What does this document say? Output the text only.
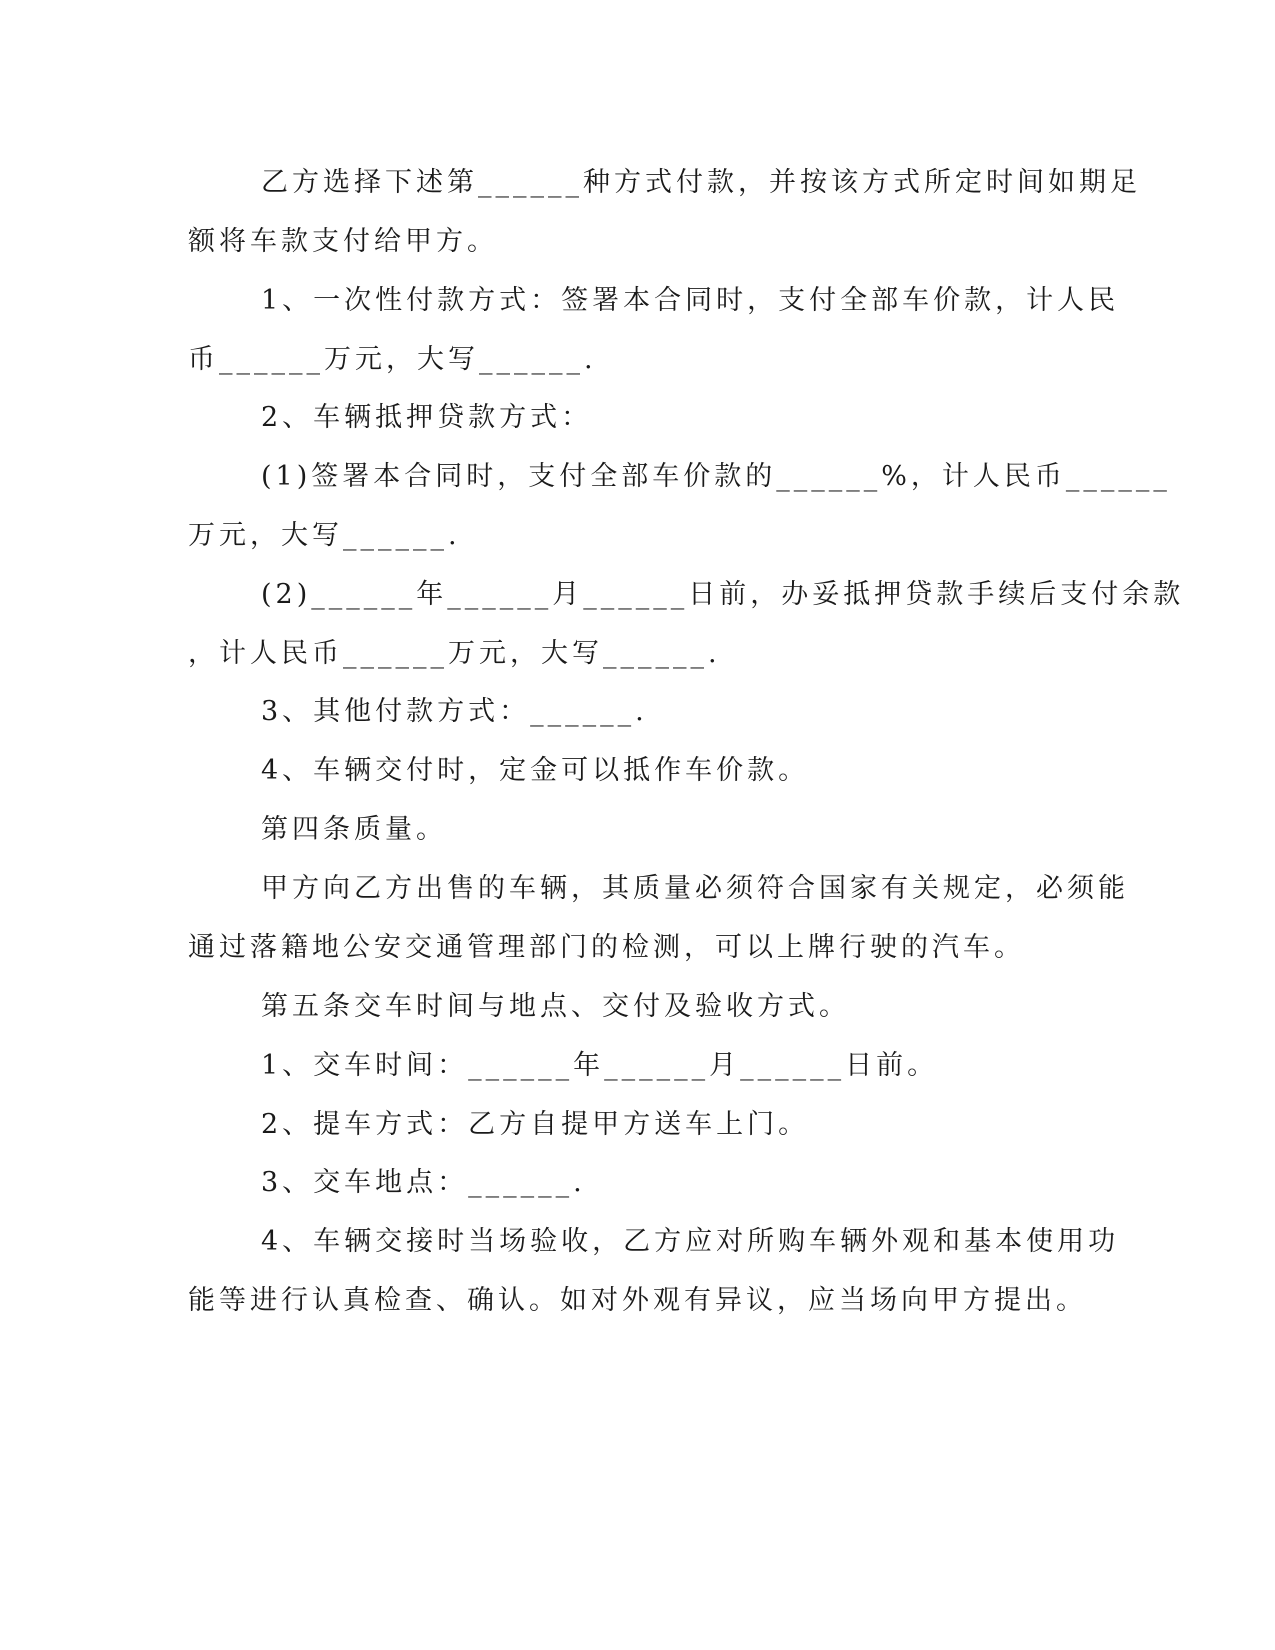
乙方选择下述第______种方式付款，并按该方式所定时间如期足
额将车款支付给甲方。
1、一次性付款方式：签署本合同时，支付全部车价款，计人民
币______万元，大写______.
2、车辆抵押贷款方式：
(1)签署本合同时，支付全部车价款的______%，计人民币______
万元，大写______.
(2)______年______月______日前，办妥抵押贷款手续后支付余款
，计人民币______万元，大写______.
3、其他付款方式：______.
4、车辆交付时，定金可以抵作车价款。
第四条质量。
甲方向乙方出售的车辆，其质量必须符合国家有关规定，必须能
通过落籍地公安交通管理部门的检测，可以上牌行驶的汽车。
第五条交车时间与地点、交付及验收方式。
1、交车时间：______年______月______日前。
2、提车方式：乙方自提甲方送车上门。
3、交车地点：______.
4、车辆交接时当场验收，乙方应对所购车辆外观和基本使用功
能等进行认真检查、确认。如对外观有异议，应当场向甲方提出。
